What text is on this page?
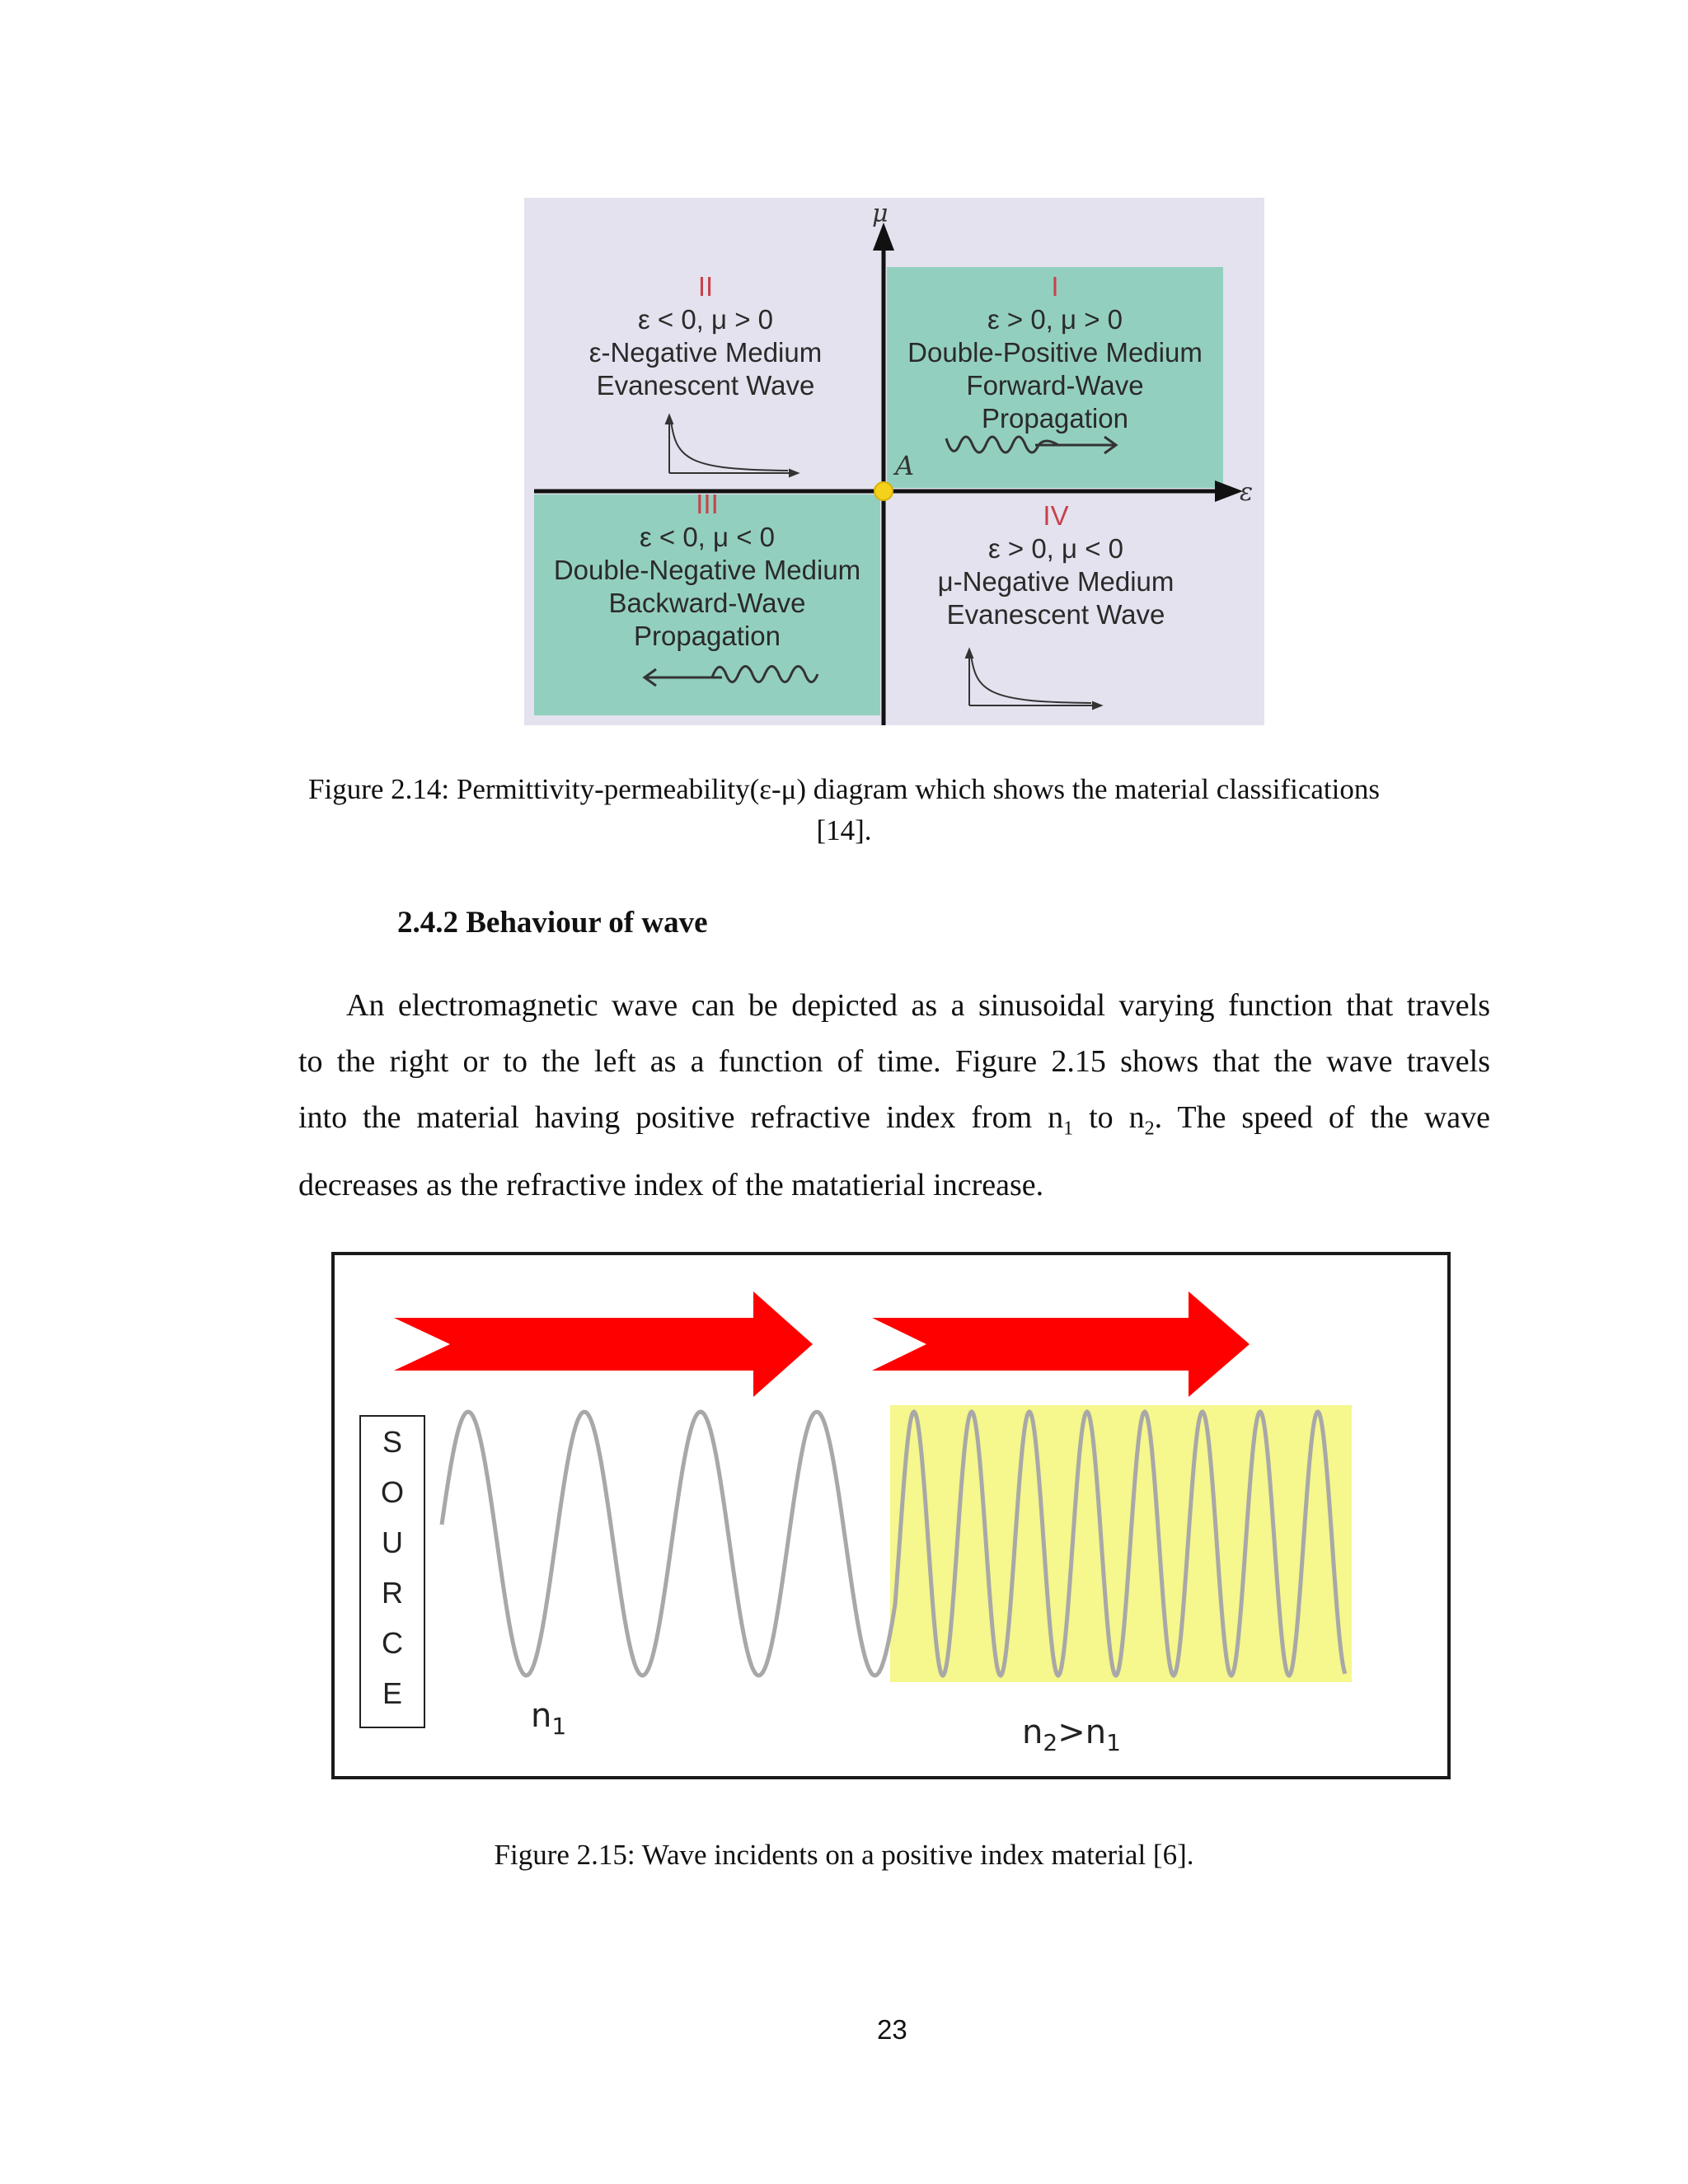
μ
ε
A
I
ε > 0, μ > 0
Double-Positive Medium
Forward-Wave
Propagation
II
ε < 0, μ > 0
ε-Negative Medium
Evanescent Wave
III
ε < 0, μ < 0
Double-Negative Medium
Backward-Wave
Propagation
IV
ε > 0, μ < 0
μ-Negative Medium
Evanescent Wave
Figure 2.14: Permittivity-permeability(ε-μ) diagram which shows the material classifications
[14].
2.4.2 Behaviour of wave
An electromagnetic wave can be depicted as a sinusoidal varying function that travels
to the right or to the left as a function of time. Figure 2.15 shows that the wave travels
into the material having positive refractive index from $n_1$ to $n_2$. The speed of the wave
decreases as the refractive index of the matatierial increase.
S
O
U
R
C
E
$n_1$	$n_2>n_1$
Figure 2.15: Wave incidents on a positive index material [6].
23
